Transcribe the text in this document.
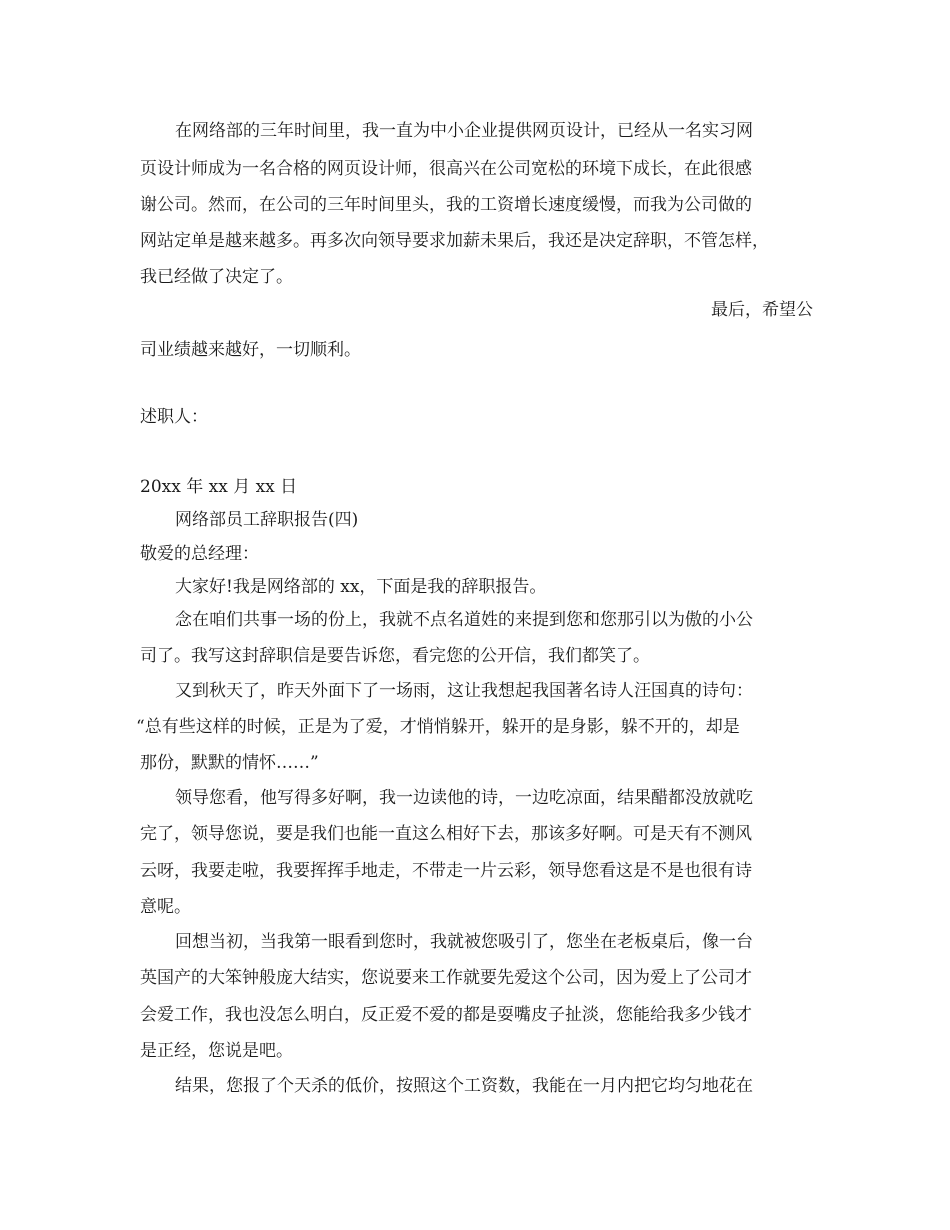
在网络部的三年时间里，我一直为中小企业提供网页设计，已经从一名实习网
页设计师成为一名合格的网页设计师，很高兴在公司宽松的环境下成长，在此很感
谢公司。然而，在公司的三年时间里头，我的工资增长速度缓慢，而我为公司做的
网站定单是越来越多。再多次向领导要求加薪未果后，我还是决定辞职，不管怎样，
我已经做了决定了。
最后，希望公
司业绩越来越好，一切顺利。
述职人：
20xx 年 xx 月 xx 日
网络部员工辞职报告(四)
敬爱的总经理：
大家好!我是网络部的 xx，下面是我的辞职报告。
念在咱们共事一场的份上，我就不点名道姓的来提到您和您那引以为傲的小公
司了。我写这封辞职信是要告诉您，看完您的公开信，我们都笑了。
又到秋天了，昨天外面下了一场雨，这让我想起我国著名诗人汪国真的诗句：
“总有些这样的时候，正是为了爱，才悄悄躲开，躲开的是身影，躲不开的，却是
那份，默默的情怀……”
领导您看，他写得多好啊，我一边读他的诗，一边吃凉面，结果醋都没放就吃
完了，领导您说，要是我们也能一直这么相好下去，那该多好啊。可是天有不测风
云呀，我要走啦，我要挥挥手地走，不带走一片云彩，领导您看这是不是也很有诗
意呢。
回想当初，当我第一眼看到您时，我就被您吸引了，您坐在老板桌后，像一台
英国产的大笨钟般庞大结实，您说要来工作就要先爱这个公司，因为爱上了公司才
会爱工作，我也没怎么明白，反正爱不爱的都是耍嘴皮子扯淡，您能给我多少钱才
是正经，您说是吧。
结果，您报了个天杀的低价，按照这个工资数，我能在一月内把它均匀地花在
